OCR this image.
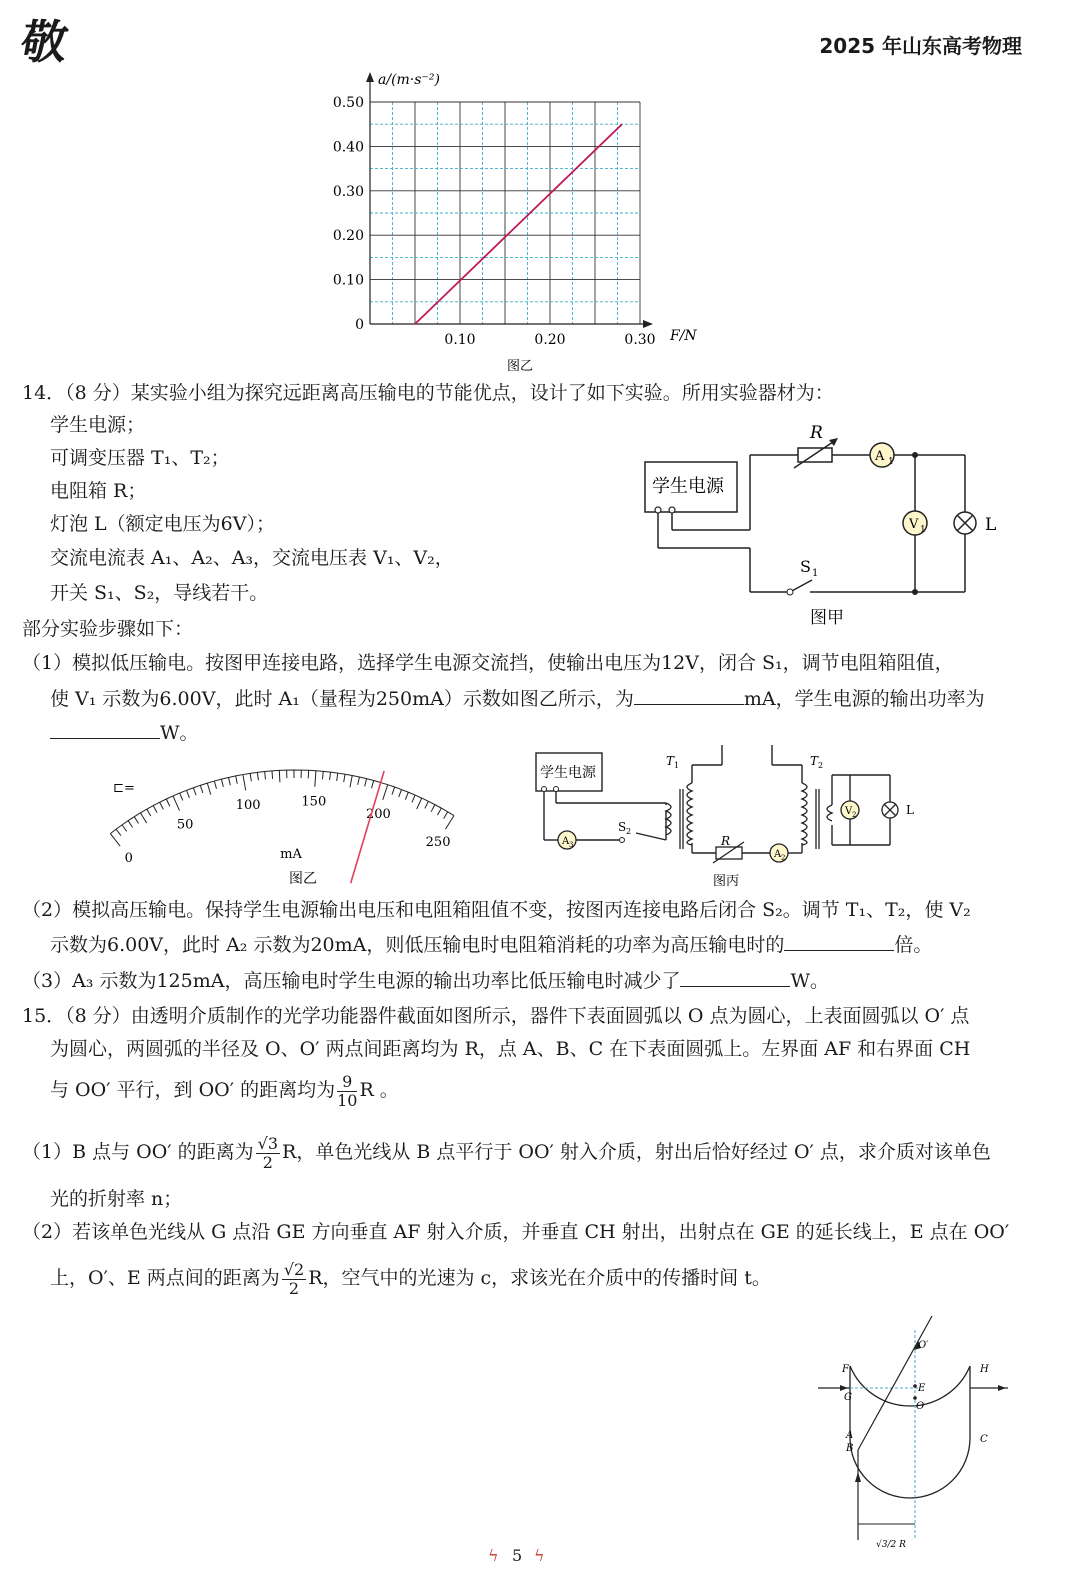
敬	2025 年山东高考物理
0
0.10
0.20
0.30
0.40
0.50
0.10	0.20	0.30
a/(m·s⁻²)
F/N
图乙
14．（8 分）某实验小组为探究远距离高压输电的节能优点，设计了如下实验。所用实验器材为：
学生电源；
可调变压器 T₁、T₂；
电阻箱 R；
灯泡 L（额定电压为6V）；
交流电流表 A₁、A₂、A₃，交流电压表 V₁、V₂，
开关 S₁、S₂，导线若干。
部分实验步骤如下：
学生电源
R
A 1
V 1	L
S 1
图甲
（1）模拟低压输电。按图甲连接电路，选择学生电源交流挡，使输出电压为12V，闭合 S₁，调节电阻箱阻值，
使 V₁ 示数为6.00V，此时 A₁（量程为250mA）示数如图乙所示，为	mA，学生电源的输出功率为
W。
⊏=
0
50
100	150
200
250
mA
图乙
学生电源
T 1	T 2
S 2
R
A 3
A 2
V 2	L
图丙
（2）模拟高压输电。保持学生电源输出电压和电阻箱阻值不变，按图丙连接电路后闭合 S₂。调节 T₁、T₂，使 V₂
示数为6.00V，此时 A₂ 示数为20mA，则低压输电时电阻箱消耗的功率为高压输电时的	倍。
（3）A₃ 示数为125mA，高压输电时学生电源的输出功率比低压输电时减少了	W。
15．（8 分）由透明介质制作的光学功能器件截面如图所示，器件下表面圆弧以 O 点为圆心，上表面圆弧以 O′ 点
为圆心，两圆弧的半径及 O、O′ 两点间距离均为 R，点 A、B、C 在下表面圆弧上。左界面 AF 和右界面 CH
与 OO′ 平行，到 OO′ 的距离均为 $\frac{9}{10}$ R 。
（1）B 点与 OO′ 的距离为 $\frac{√3}{2}$ R，单色光线从 B 点平行于 OO′ 射入介质，射出后恰好经过 O′ 点，求介质对该单色
光的折射率 n；
（2）若该单色光线从 G 点沿 GE 方向垂直 AF 射入介质，并垂直 CH 射出，出射点在 GE 的延长线上，E 点在 OO′
上，O′、E 两点间的距离为 $\frac{√2}{2}$ R，空气中的光速为 c，求该光在介质中的传播时间 t。
O′
E
O
F
G
H
A
B
C
√3/2 R
ϟ 5 ϟ
